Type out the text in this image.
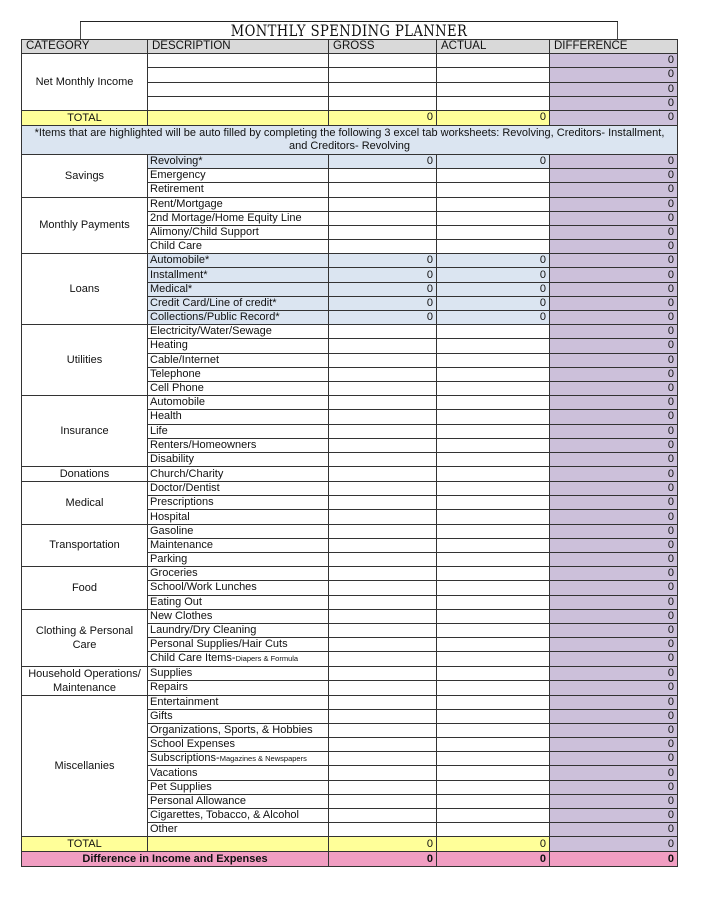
MONTHLY SPENDING PLANNER
CATEGORY	DESCRIPTION	GROSS	ACTUAL	DIFFERENCE
Net Monthly Income				0
				0
				0
				0
TOTAL		0	0	0
*Items that are highlighted will be auto filled by completing the following 3 excel tab worksheets: Revolving, Creditors- Installment, and Creditors- Revolving				
Savings	Revolving*	0	0	0
	Emergency			0
	Retirement			0
Monthly Payments	Rent/Mortgage			0
	2nd Mortage/Home Equity Line			0
	Alimony/Child Support			0
	Child Care			0
Loans	Automobile*	0	0	0
	Installment*	0	0	0
	Medical*	0	0	0
	Credit Card/Line of credit*	0	0	0
	Collections/Public Record*	0	0	0
Utilities	Electricity/Water/Sewage			0
	Heating			0
	Cable/Internet			0
	Telephone			0
	Cell Phone			0
Insurance	Automobile			0
	Health			0
	Life			0
	Renters/Homeowners			0
	Disability			0
Donations	Church/Charity			0
Medical	Doctor/Dentist			0
	Prescriptions			0
	Hospital			0
Transportation	Gasoline			0
	Maintenance			0
	Parking			0
Food	Groceries			0
	School/Work Lunches			0
	Eating Out			0
Clothing & Personal Care	New Clothes			0
	Laundry/Dry Cleaning			0
	Personal Supplies/Hair Cuts			0
	Child Care Items-Diapers & Formula			0
Household Operations/ Maintenance	Supplies			0
	Repairs			0
Miscellanies	Entertainment			0
	Gifts			0
	Organizations, Sports, & Hobbies			0
	School Expenses			0
	Subscriptions-Magazines & Newspapers			0
	Vacations			0
	Pet Supplies			0
	Personal Allowance			0
	Cigarettes, Tobacco, & Alcohol			0
	Other			0
TOTAL		0	0	0
Difference in Income and Expenses		0	0	0
